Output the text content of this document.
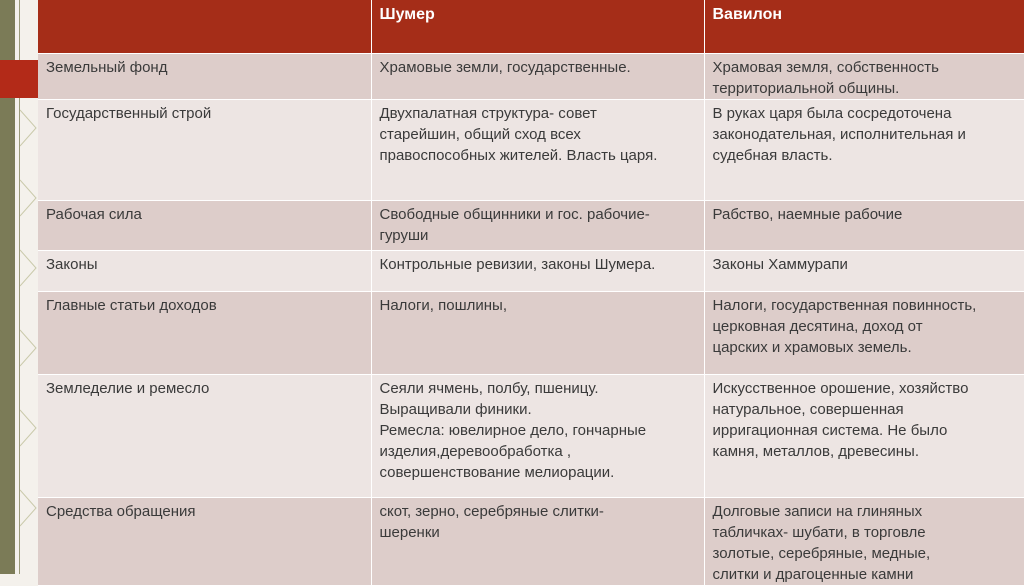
	Шумер	Вавилон
Земельный фонд	Храмовые земли, государственные.	Храмовая земля, собственность
территориальной общины.

Государственный строй	Двухпалатная структура- совет
старейшин, общий сход всех
правоспособных жителей. Власть царя.	В руках царя была сосредоточена
законодательная, исполнительная и
судебная власть.

Рабочая сила	Свободные общинники и гос. рабочие-
гуруши	Рабство, наемные рабочие

Законы	Контрольные ревизии, законы Шумера.	Законы Хаммурапи

Главные статьи доходов	Налоги, пошлины,	Налоги, государственная повинность,
церковная десятина, доход от
царских и храмовых земель.

Земледелие и ремесло	Сеяли ячмень, полбу, пшеницу.
Выращивали финики.
Ремесла: ювелирное дело, гончарные
изделия,деревообработка ,
совершенствование мелиорации.	Искусственное орошение, хозяйство
натуральное, совершенная
ирригационная система. Не было
камня, металлов, древесины.

Средства обращения	скот, зерно, серебряные слитки-
шеренки	Долговые записи на глиняных
табличках- шубати, в торговле
золотые, серебряные, медные,
слитки и драгоценные камни
